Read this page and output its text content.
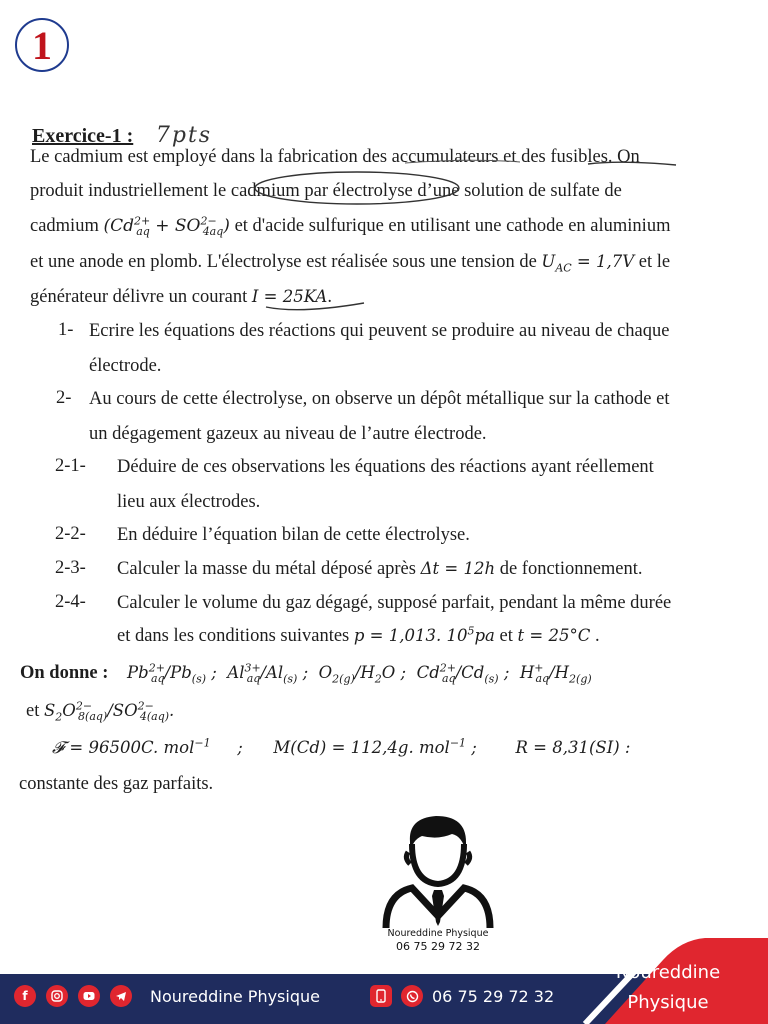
1
Exercice-1 : 7pts
Le cadmium est employé dans la fabrication des accumulateurs et des fusibles. On
produit industriellement le cadmium par électrolyse d’une solution de sulfate de
cadmium $(Cd^{2+}_{aq} + SO^{2-}_{4aq})$ et d'acide sulfurique en utilisant une cathode en aluminium
et une anode en plomb. L'électrolyse est réalisée sous une tension de $U_{AC} = 1,7V$ et le
générateur délivre un courant I = 25KA.
1- Ecrire les équations des réactions qui peuvent se produire au niveau de chaque
électrode.
2- Au cours de cette électrolyse, on observe un dépôt métallique sur la cathode et
un dégagement gazeux au niveau de l’autre électrode.
2-1- Déduire de ces observations les équations des réactions ayant réellement
lieu aux électrodes.
2-2- En déduire l’équation bilan de cette électrolyse.
2-3- Calculer la masse du métal déposé après Δt = 12h de fonctionnement.
2-4- Calculer le volume du gaz dégagé, supposé parfait, pendant la même durée
et dans les conditions suivantes p = 1,013. $10^5pa$ et t = 25°C .
On donne : $Pb^{2+}_{aq}/Pb_{(s)}$ ;  $Al^{3+}_{aq}/Al_{(s)}$ ;  $O_{2(g)}/H_2O$ ;  $Cd^{2+}_{aq}/Cd_{(s)}$ ;  $H^+_{aq}/H_{2(g)}$
et $S_2O^{2-}_{8(aq)}/SO^{2-}_{4(aq)}$.
𝓕 = 96500C. mol$^{-1}$ ; M(Cd) = 112,4g. mol$^{-1}$ ; R = 8,31(SI) :
constante des gaz parfaits.
Noureddine Physique
06 75 29 72 32
Noureddine
Physique
f	Noureddine Physique	06 75 29 72 32
